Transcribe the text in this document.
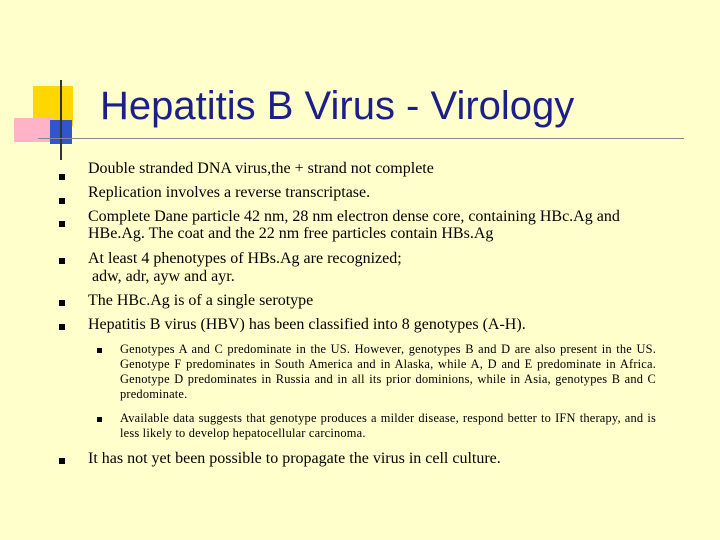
Hepatitis B Virus - Virology
Double stranded DNA virus,the + strand not complete
Replication involves a reverse transcriptase.
Complete Dane particle 42 nm, 28 nm electron dense core, containing HBc.Ag and HBe.Ag. The coat and the 22 nm free particles contain HBs.Ag
At least 4 phenotypes of HBs.Ag are recognized;
adw, adr, ayw and ayr.
The HBc.Ag is of a single serotype
Hepatitis B virus (HBV) has been classified into 8 genotypes (A-H).
Genotypes A and C predominate in the US. However, genotypes B and D are also present in the US. Genotype F predominates in South America and in Alaska, while A, D and E predominate in Africa. Genotype D predominates in Russia and in all its prior dominions, while in Asia, genotypes B and C predominate.
Available data suggests that genotype produces a milder disease, respond better to IFN therapy, and is less likely to develop hepatocellular carcinoma.
It has not yet been possible to propagate the virus in cell culture.
